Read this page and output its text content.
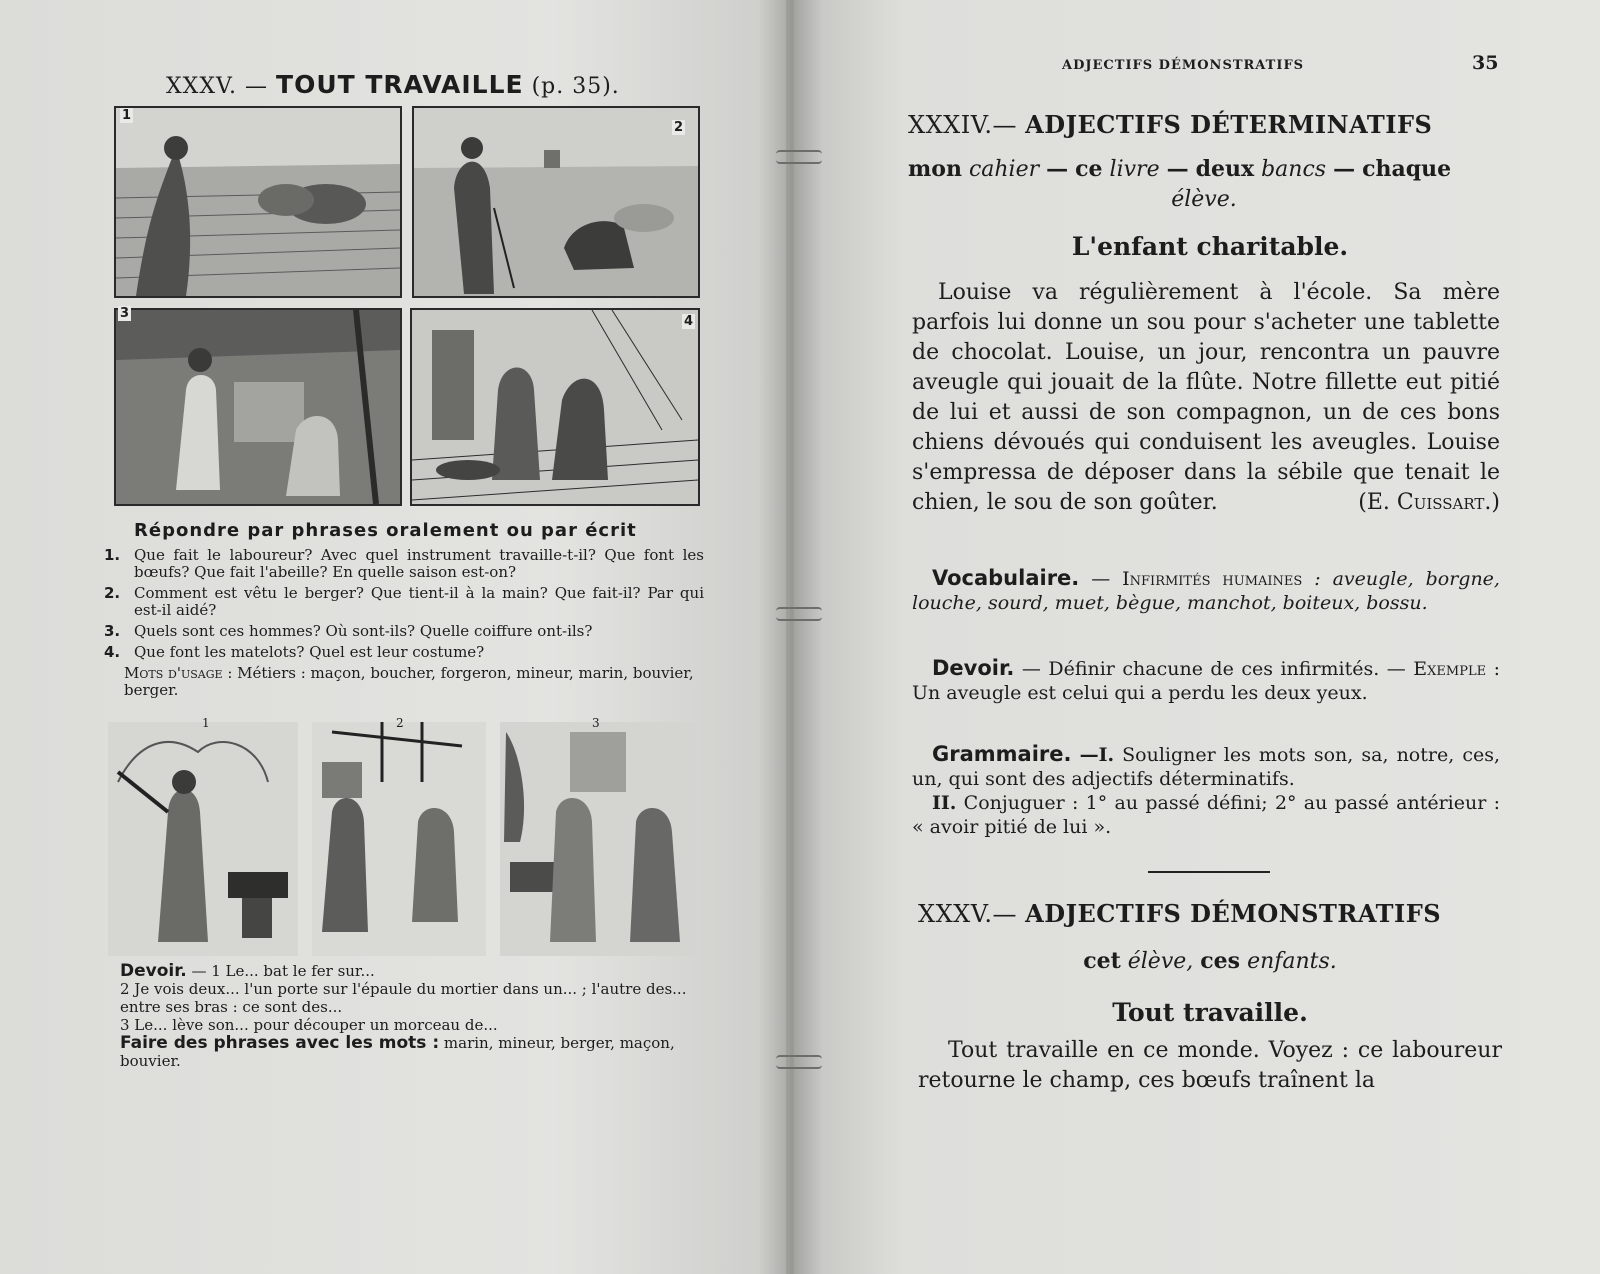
XXXV. — TOUT TRAVAILLE (p. 35).
1
2
3
4
Répondre par phrases oralement ou par écrit
1. Que fait le laboureur? Avec quel instrument travaille-t-il? Que font les bœufs? Que fait l'abeille? En quelle saison est-on?
2. Comment est vêtu le berger? Que tient-il à la main? Que fait-il? Par qui est-il aidé?
3. Quels sont ces hommes? Où sont-ils? Quelle coiffure ont-ils?
4. Que font les matelots? Quel est leur costume?
Mots d'usage : Métiers : maçon, boucher, forgeron, mineur, marin, bouvier, berger.
1	2	3

Devoir. — 1 Le... bat le fer sur...

2 Je vois deux... l'un porte sur l'épaule du mortier dans un... ; l'autre des... entre ses bras : ce sont des...

3 Le... lève son... pour découper un morceau de...

Faire des phrases avec les mots : marin, mineur, berger, maçon, bouvier.

ADJECTIFS DÉMONSTRATIFS	35
XXXIV.— ADJECTIFS DÉTERMINATIFS
mon cahier — ce livre — deux bancs — chaque
élève.
L'enfant charitable.

Louise va régulièrement à l'école. Sa mère parfois lui donne un sou pour s'acheter une tablette de chocolat. Louise, un jour, rencontra un pauvre aveugle qui jouait de la flûte. Notre fillette eut pitié de lui et aussi de son compagnon, un de ces bons chiens dévoués qui conduisent les aveugles. Louise s'empressa de déposer dans la sébile que tenait le chien, le sou de son goûter.	(E. Cuissart.)

Vocabulaire. — Infirmités humaines : aveugle, borgne, louche, sourd, muet, bègue, manchot, boiteux, bossu.

Devoir. — Définir chacune de ces infirmités. — Exemple : Un aveugle est celui qui a perdu les deux yeux.

Grammaire. —I. Souligner les mots son, sa, notre, ces, un, qui sont des adjectifs déterminatifs.

II. Conjuguer : 1° au passé défini; 2° au passé antérieur : « avoir pitié de lui ».

XXXV.— ADJECTIFS DÉMONSTRATIFS
cet élève, ces enfants.
Tout travaille.

Tout travaille en ce monde. Voyez : ce laboureur retourne le champ, ces bœufs traînent la
